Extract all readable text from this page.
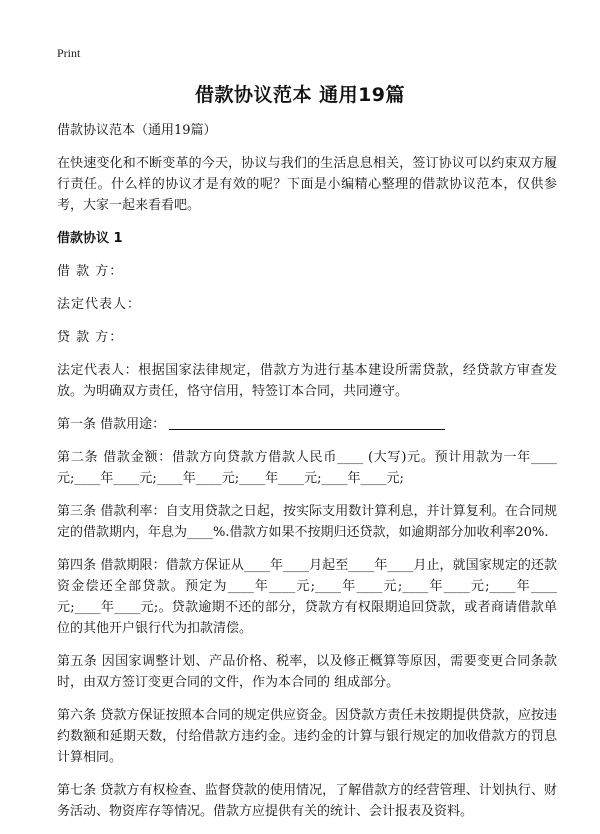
Print
借款协议范本 通用19篇
借款协议范本（通用19篇）
在快速变化和不断变革的今天，协议与我们的生活息息相关，签订协议可以约束双方履行责任。什么样的协议才是有效的呢？下面是小编精心整理的借款协议范本，仅供参考，大家一起来看看吧。
借款协议 1
借 款 方：
法定代表人：
贷 款 方：
法定代表人：根据国家法律规定，借款方为进行基本建设所需贷款，经贷款方审查发放。为明确双方责任，恪守信用，特签订本合同，共同遵守。
第一条 借款用途：
第二条 借款金额：借款方向贷款方借款人民币____ (大写)元。预计用款为一年____元;____年____元;____年____元;____年____元;____年____元;
第三条 借款利率：自支用贷款之日起，按实际支用数计算利息，并计算复利。在合同规定的借款期内，年息为____%.借款方如果不按期归还贷款，如逾期部分加收利率20%.
第四条 借款期限：借款方保证从____年____月起至____年____月止，就国家规定的还款资金偿还全部贷款。预定为____年____元;____年____元;____年____元;____年____元;____年____元;。贷款逾期不还的部分，贷款方有权限期追回贷款，或者商请借款单位的其他开户银行代为扣款清偿。
第五条 因国家调整计划、产品价格、税率，以及修正概算等原因，需要变更合同条款时，由双方签订变更合同的文件，作为本合同的 组成部分。
第六条 贷款方保证按照本合同的规定供应资金。因贷款方责任未按期提供贷款，应按违约数额和延期天数，付给借款方违约金。违约金的计算与银行规定的加收借款方的罚息计算相同。
第七条 贷款方有权检查、监督贷款的使用情况，了解借款方的经营管理、计划执行、财务活动、物资库存等情况。借款方应提供有关的统计、会计报表及资料。
